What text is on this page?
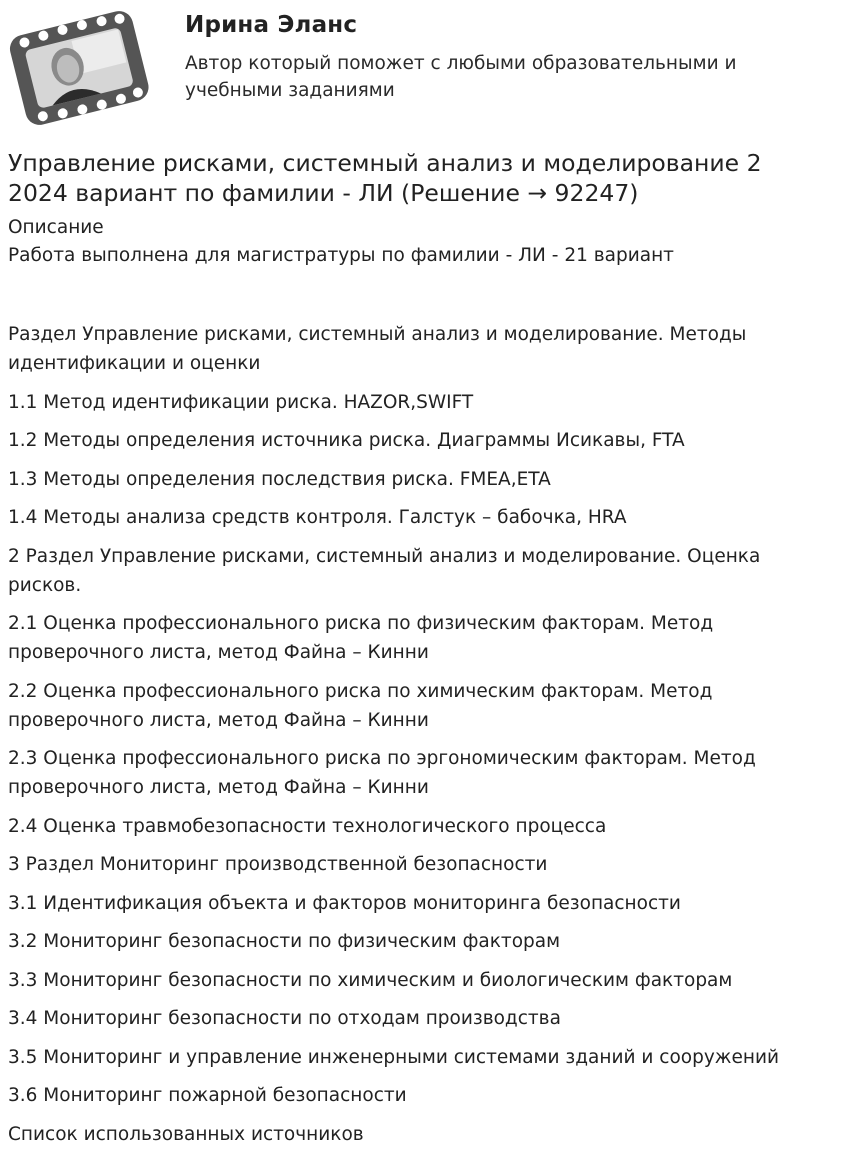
Ирина Эланс
Автор который поможет с любыми образовательными и учебными заданиями
Управление рисками, системный анализ и моделирование 2 2024 вариант по фамилии - ЛИ (Решение → 92247)
Описание
Работа выполнена для магистратуры по фамилии - ЛИ - 21 вариант
Раздел Управление рисками, системный анализ и моделирование. Методы идентификации и оценки
1.1 Метод идентификации риска. HAZOR,SWIFT
1.2 Методы определения источника риска. Диаграммы Исикавы, FTA
1.3 Методы определения последствия риска. FMEA,ETA
1.4 Методы анализа средств контроля. Галстук – бабочка, HRA
2 Раздел Управление рисками, системный анализ и моделирование. Оценка рисков.
2.1 Оценка профессионального риска по физическим факторам. Метод проверочного листа, метод Файна – Кинни
2.2 Оценка профессионального риска по химическим факторам. Метод проверочного листа, метод Файна – Кинни
2.3 Оценка профессионального риска по эргономическим факторам. Метод проверочного листа, метод Файна – Кинни
2.4 Оценка травмобезопасности технологического процесса
3 Раздел Мониторинг производственной безопасности
3.1 Идентификация объекта и факторов мониторинга безопасности
3.2 Мониторинг безопасности по физическим факторам
3.3 Мониторинг безопасности по химическим и биологическим факторам
3.4 Мониторинг безопасности по отходам производства
3.5 Мониторинг и управление инженерными системами зданий и сооружений
3.6 Мониторинг пожарной безопасности
Список использованных источников
